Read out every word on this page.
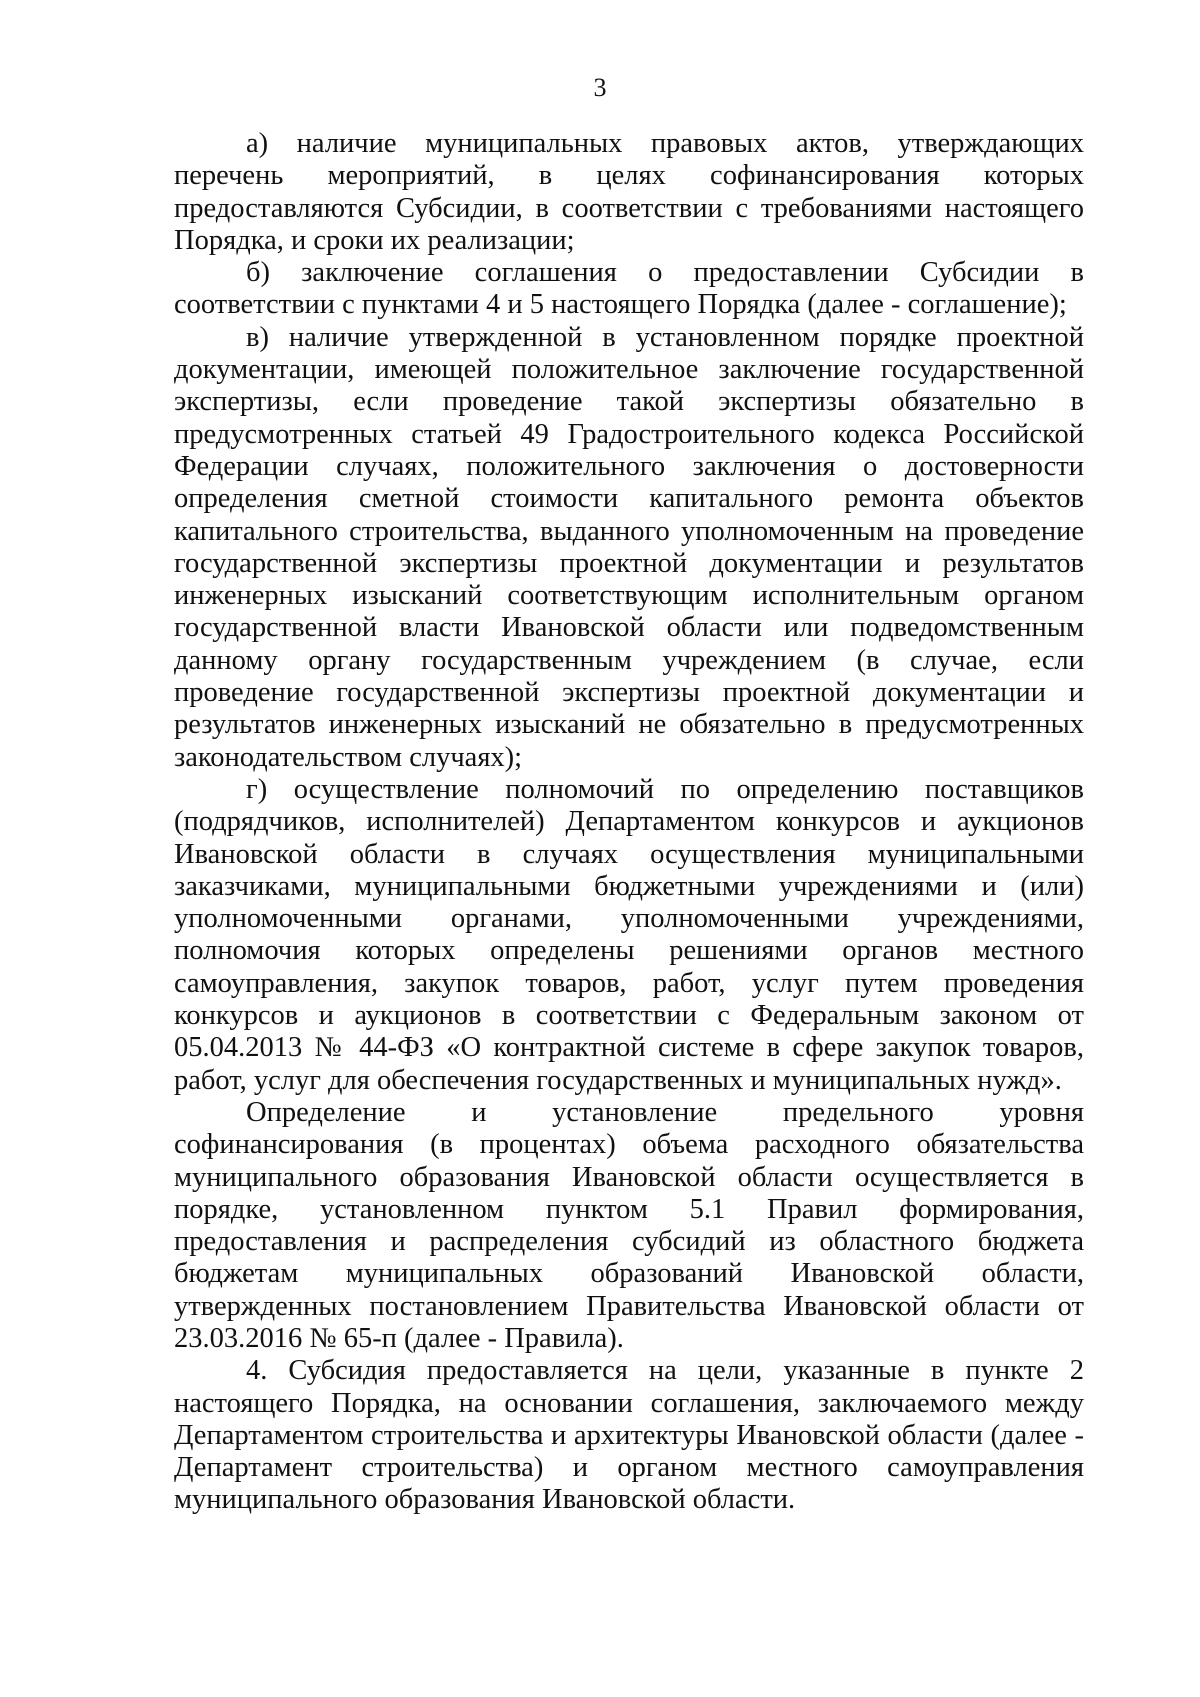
3

а) наличие муниципальных правовых актов, утверждающих перечень мероприятий, в целях софинансирования которых предоставляются Субсидии, в соответствии с требованиями настоящего Порядка, и сроки их реализации;

б) заключение соглашения о предоставлении Субсидии в соответствии с пунктами 4 и 5 настоящего Порядка (далее - соглашение);

в) наличие утвержденной в установленном порядке проектной документации, имеющей положительное заключение государственной экспертизы, если проведение такой экспертизы обязательно в предусмотренных статьей 49 Градостроительного кодекса Российской Федерации случаях, положительного заключения о достоверности определения сметной стоимости капитального ремонта объектов капитального строительства, выданного уполномоченным на проведение государственной экспертизы проектной документации и результатов инженерных изысканий соответствующим исполнительным органом государственной власти Ивановской области или подведомственным данному органу государственным учреждением (в случае, если проведение государственной экспертизы проектной документации и результатов инженерных изысканий не обязательно в предусмотренных законодательством случаях);

г) осуществление полномочий по определению поставщиков (подрядчиков, исполнителей) Департаментом конкурсов и аукционов Ивановской области в случаях осуществления муниципальными заказчиками, муниципальными бюджетными учреждениями и (или) уполномоченными органами, уполномоченными учреждениями, полномочия которых определены решениями органов местного самоуправления, закупок товаров, работ, услуг путем проведения конкурсов и аукционов в соответствии с Федеральным законом от 05.04.2013 № 44-ФЗ «О контрактной системе в сфере закупок товаров, работ, услуг для обеспечения государственных и муниципальных нужд».

Определение и установление предельного уровня софинансирования (в процентах) объема расходного обязательства муниципального образования Ивановской области осуществляется в порядке, установленном пунктом 5.1 Правил формирования, предоставления и распределения субсидий из областного бюджета бюджетам муниципальных образований Ивановской области, утвержденных постановлением Правительства Ивановской области от 23.03.2016 № 65-п (далее - Правила).

4. Субсидия предоставляется на цели, указанные в пункте 2 настоящего Порядка, на основании соглашения, заключаемого между Департаментом строительства и архитектуры Ивановской области (далее - Департамент строительства) и органом местного самоуправления муниципального образования Ивановской области.
